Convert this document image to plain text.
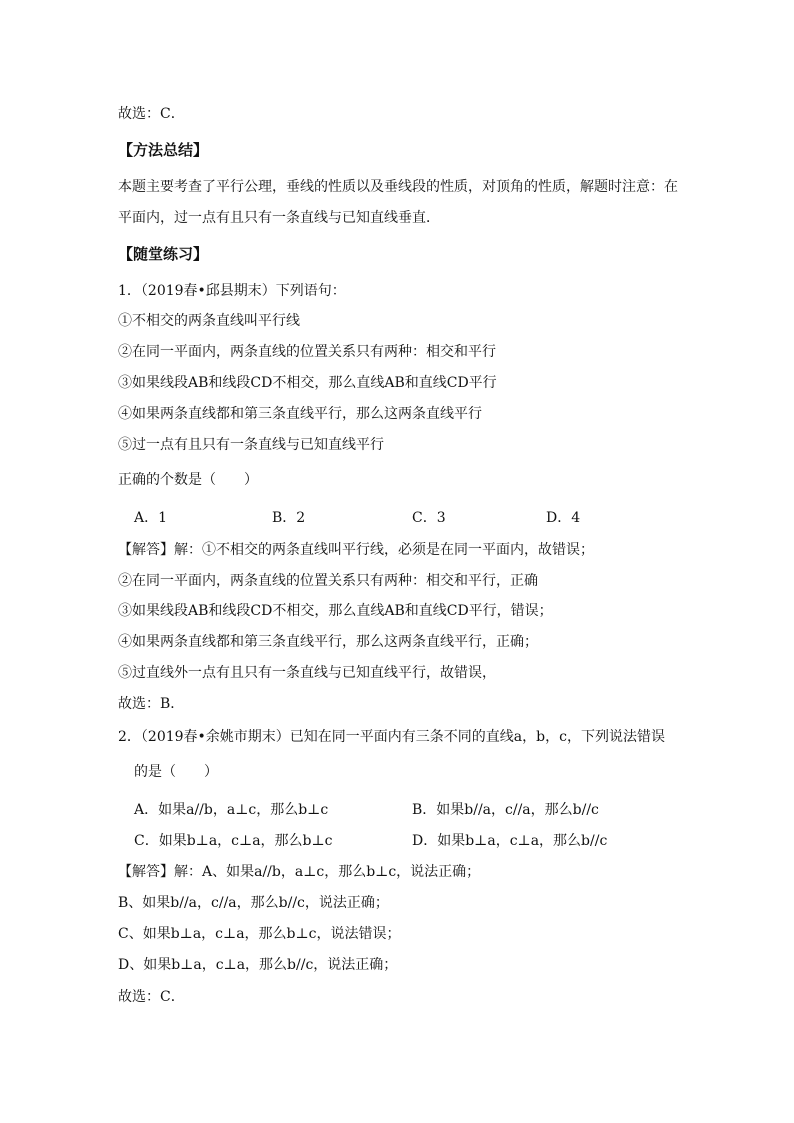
故选：C．
【方法总结】
本题主要考查了平行公理，垂线的性质以及垂线段的性质，对顶角的性质，解题时注意：在
平面内，过一点有且只有一条直线与已知直线垂直．
【随堂练习】
1．（2019春•邱县期末）下列语句：
①不相交的两条直线叫平行线
②在同一平面内，两条直线的位置关系只有两种：相交和平行
③如果线段AB和线段CD不相交，那么直线AB和直线CD平行
④如果两条直线都和第三条直线平行，那么这两条直线平行
⑤过一点有且只有一条直线与已知直线平行
正确的个数是（　　）
A．1	B．2	C．3	D．4
【解答】解：①不相交的两条直线叫平行线，必须是在同一平面内，故错误；
②在同一平面内，两条直线的位置关系只有两种：相交和平行，正确
③如果线段AB和线段CD不相交，那么直线AB和直线CD平行，错误；
④如果两条直线都和第三条直线平行，那么这两条直线平行，正确；
⑤过直线外一点有且只有一条直线与已知直线平行，故错误，
故选：B．
2．（2019春•余姚市期末）已知在同一平面内有三条不同的直线a，b，c，下列说法错误
的是（　　）
A．如果a//b，a⊥c，那么b⊥c	B．如果b//a，c//a，那么b//c
C．如果b⊥a，c⊥a，那么b⊥c	D．如果b⊥a，c⊥a，那么b//c
【解答】解：A、如果a//b，a⊥c，那么b⊥c，说法正确；
B、如果b//a，c//a，那么b//c，说法正确；
C、如果b⊥a，c⊥a，那么b⊥c，说法错误；
D、如果b⊥a，c⊥a，那么b//c，说法正确；
故选：C．
